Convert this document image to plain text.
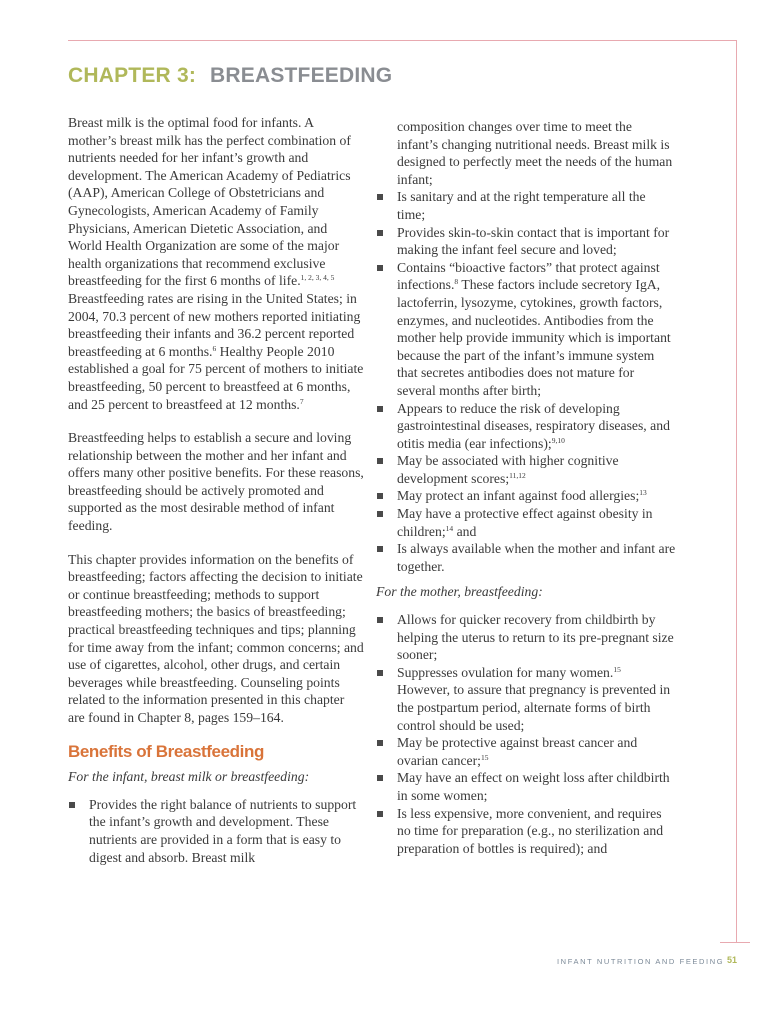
CHAPTER 3: BREASTFEEDING

Breast milk is the optimal food for infants. A mother’s breast milk has the perfect combination of nutrients needed for her infant’s growth and development. The American Academy of Pediatrics (AAP), American College of Obstetricians and Gynecologists, American Academy of Family Physicians, American Dietetic Association, and World Health Organization are some of the major health organizations that recommend exclusive breastfeeding for the first 6 months of life.$^{1, 2, 3, 4, 5}$ Breastfeeding rates are rising in the United States; in 2004, 70.3 percent of new mothers reported initiating breastfeeding their infants and 36.2 percent reported breastfeeding at 6 months.$^6$ Healthy People 2010 established a goal for 75 percent of mothers to initiate breastfeeding, 50 percent to breastfeed at 6 months, and 25 percent to breastfeed at 12 months.$^7$

Breastfeeding helps to establish a secure and loving relationship between the mother and her infant and offers many other positive benefits. For these reasons, breastfeeding should be actively promoted and supported as the most desirable method of infant feeding.

This chapter provides information on the benefits of breastfeeding; factors affecting the decision to initiate or continue breastfeeding; methods to support breastfeeding mothers; the basics of breastfeeding; practical breastfeeding techniques and tips; planning for time away from the infant; common concerns; and use of cigarettes, alcohol, other drugs, and certain beverages while breastfeeding. Counseling points related to the information presented in this chapter are found in Chapter 8, pages 159–164.

Benefits of Breastfeeding

For the infant, breast milk or breastfeeding:

Provides the right balance of nutrients to support the infant’s growth and development. These nutrients are provided in a form that is easy to digest and absorb. Breast milk

composition changes over time to meet the infant’s changing nutritional needs. Breast milk is designed to perfectly meet the needs of the human infant;

Is sanitary and at the right temperature all the time;
Provides skin-to-skin contact that is important for making the infant feel secure and loved;
Contains “bioactive factors” that protect against infections.$^8$ These factors include secretory IgA, lactoferrin, lysozyme, cytokines, growth factors, enzymes, and nucleotides. Antibodies from the mother help provide immunity which is important because the part of the infant’s immune system that secretes antibodies does not mature for several months after birth;
Appears to reduce the risk of developing gastrointestinal diseases, respiratory diseases, and otitis media (ear infections);$^{9,10}$
May be associated with higher cognitive development scores;$^{11,12}$
May protect an infant against food allergies;$^{13}$
May have a protective effect against obesity in children;$^{14}$ and
Is always available when the mother and infant are together.

For the mother, breastfeeding:

Allows for quicker recovery from childbirth by helping the uterus to return to its pre-pregnant size sooner;
Suppresses ovulation for many women.$^{15}$ However, to assure that pregnancy is prevented in the postpartum period, alternate forms of birth control should be used;
May be protective against breast cancer and ovarian cancer;$^{15}$
May have an effect on weight loss after childbirth in some women;
Is less expensive, more convenient, and requires no time for preparation (e.g., no sterilization and preparation of bottles is required); and
INFANT NUTRITION AND FEEDING 51
